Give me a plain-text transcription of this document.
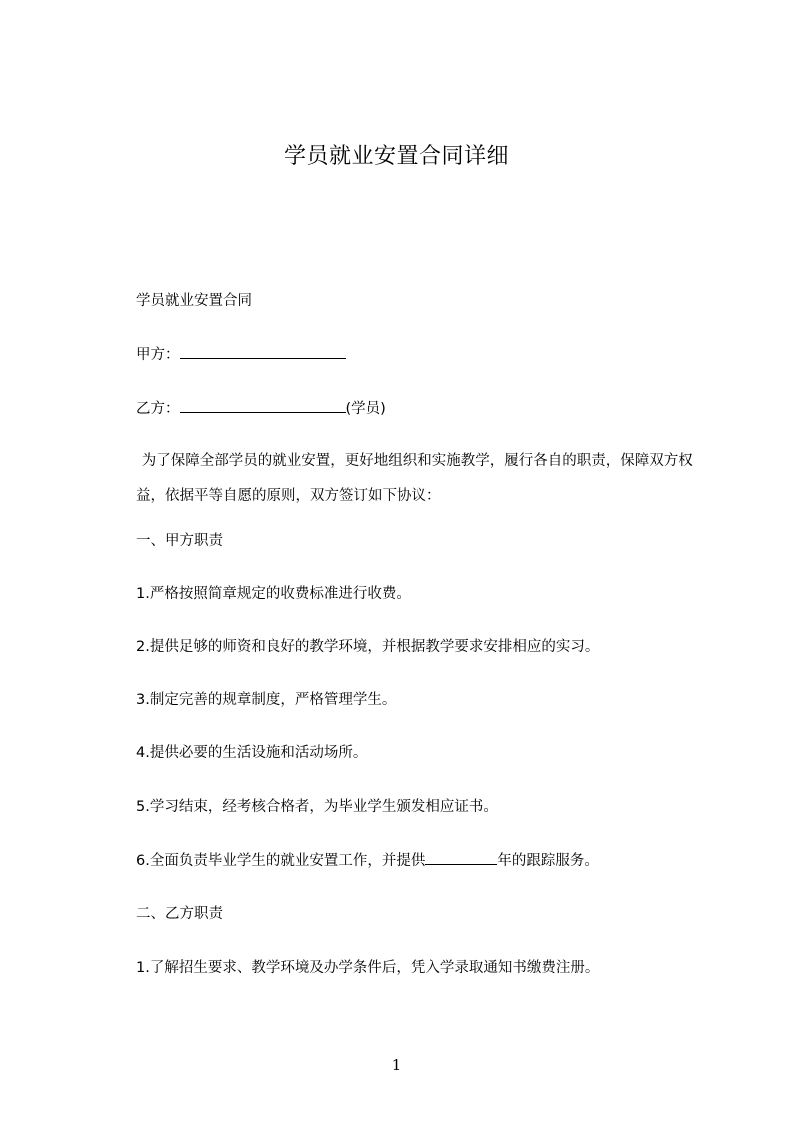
学员就业安置合同详细

学员就业安置合同

甲方：

乙方：	(学员)

为了保障全部学员的就业安置，更好地组织和实施教学，履行各自的职责，保障双方权益，依据平等自愿的原则，双方签订如下协议：

一、甲方职责

1.严格按照简章规定的收费标准进行收费。

2.提供足够的师资和良好的教学环境，并根据教学要求安排相应的实习。

3.制定完善的规章制度，严格管理学生。

4.提供必要的生活设施和活动场所。

5.学习结束，经考核合格者，为毕业学生颁发相应证书。

6.全面负责毕业学生的就业安置工作，并提供	年的跟踪服务。

二、乙方职责

1.了解招生要求、教学环境及办学条件后，凭入学录取通知书缴费注册。

1
